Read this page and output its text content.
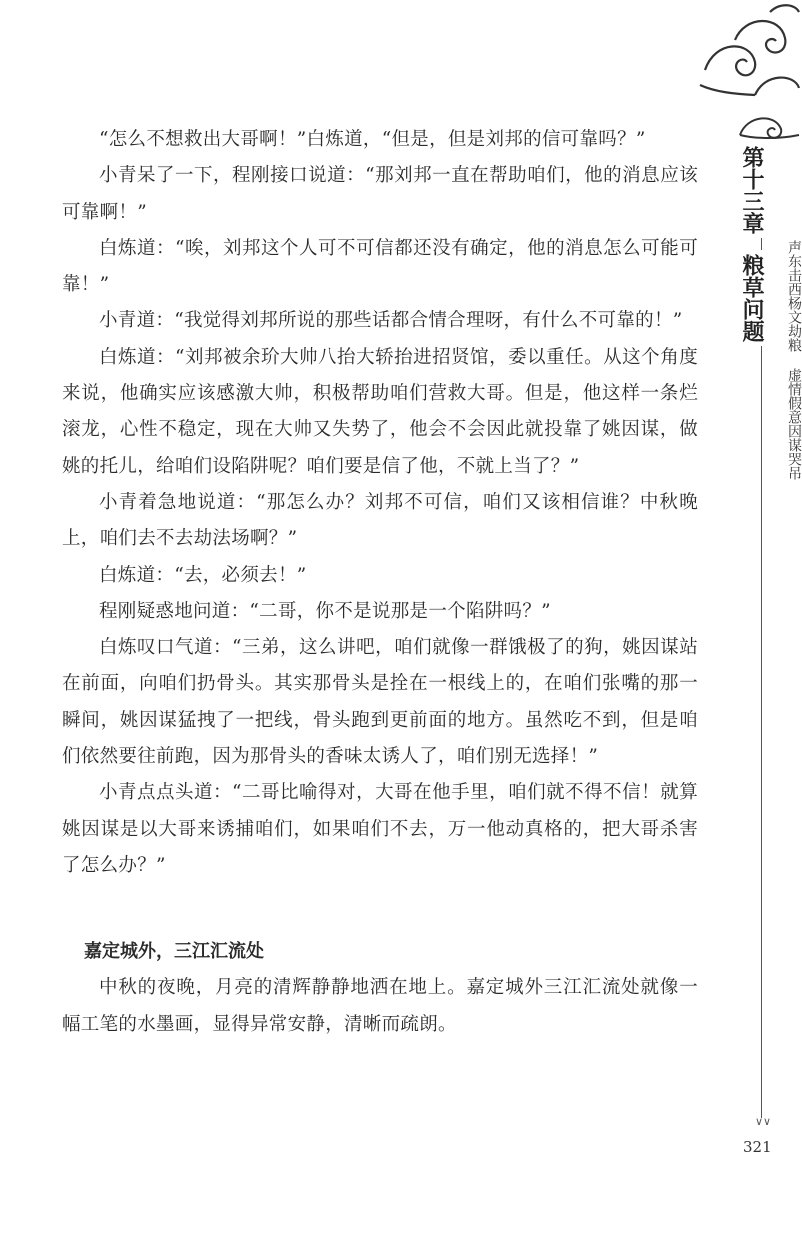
“怎么不想救出大哥啊！”白炼道，“但是，但是刘邦的信可靠吗？”

小青呆了一下，程刚接口说道：“那刘邦一直在帮助咱们，他的消息应该可靠啊！”

白炼道：“唉，刘邦这个人可不可信都还没有确定，他的消息怎么可能可靠！”

小青道：“我觉得刘邦所说的那些话都合情合理呀，有什么不可靠的！”

白炼道：“刘邦被余玠大帅八抬大轿抬进招贤馆，委以重任。从这个角度来说，他确实应该感激大帅，积极帮助咱们营救大哥。但是，他这样一条烂滚龙，心性不稳定，现在大帅又失势了，他会不会因此就投靠了姚因谋，做姚的托儿，给咱们设陷阱呢？咱们要是信了他，不就上当了？”

小青着急地说道：“那怎么办？刘邦不可信，咱们又该相信谁？中秋晚上，咱们去不去劫法场啊？”

白炼道：“去，必须去！”

程刚疑惑地问道：“二哥，你不是说那是一个陷阱吗？”

白炼叹口气道：“三弟，这么讲吧，咱们就像一群饿极了的狗，姚因谋站在前面，向咱们扔骨头。其实那骨头是拴在一根线上的，在咱们张嘴的那一瞬间，姚因谋猛拽了一把线，骨头跑到更前面的地方。虽然吃不到，但是咱们依然要往前跑，因为那骨头的香味太诱人了，咱们别无选择！”

小青点点头道：“二哥比喻得对，大哥在他手里，咱们就不得不信！就算姚因谋是以大哥来诱捕咱们，如果咱们不去，万一他动真格的，把大哥杀害了怎么办？”

嘉定城外，三江汇流处

中秋的夜晚，月亮的清辉静静地洒在地上。嘉定城外三江汇流处就像一幅工笔的水墨画，显得异常安静，清晰而疏朗。

第十三章
粮草问题	声东击西杨文劫粮 虚情假意因谋哭吊
∨∨
321
